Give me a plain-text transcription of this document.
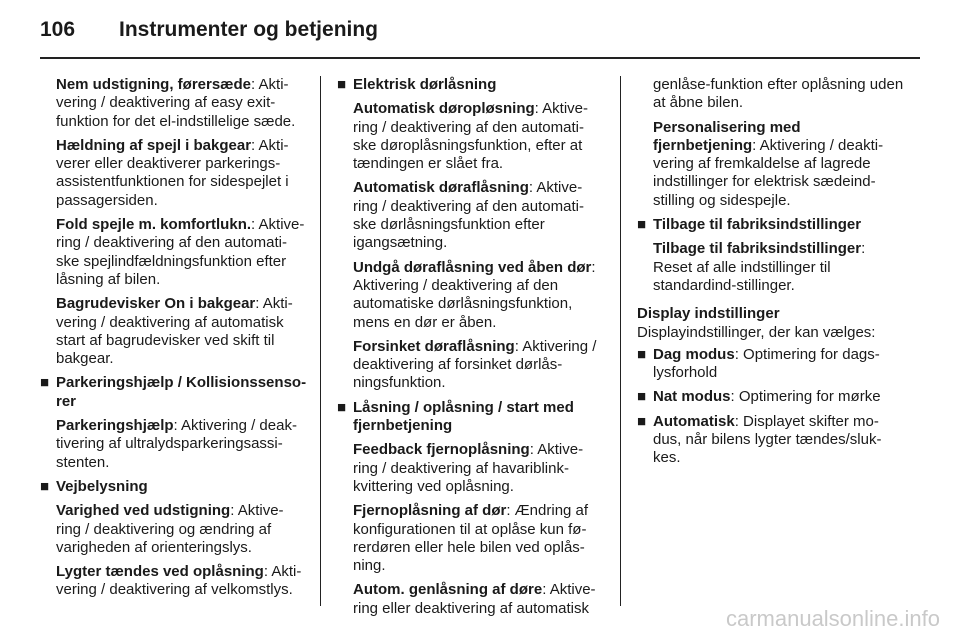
106 Instrumenter og betjening

Nem udstigning, førersæde: Akti-vering / deaktivering af easy exit-funktion for det el-indstillelige sæde.

Hældning af spejl i bakgear: Akti-verer eller deaktiverer parkerings-assistentfunktionen for sidespejlet i passagersiden.

Fold spejle m. komfortlukn.: Aktive-ring / deaktivering af den automati-ske spejlindfældningsfunktion efter låsning af bilen.

Bagrudevisker On i bakgear: Akti-vering / deaktivering af automatisk start af bagrudevisker ved skift til bakgear.

■ Parkeringshjælp / Kollisionssenso-rer

Parkeringshjælp: Aktivering / deak-tivering af ultralydsparkeringsassi-stenten.

■ Vejbelysning

Varighed ved udstigning: Aktive-ring / deaktivering og ændring af varigheden af orienteringslys.

Lygter tændes ved oplåsning: Akti-vering / deaktivering af velkomstlys.

■ Elektrisk dørlåsning

Automatisk døropløsning: Aktive-ring / deaktivering af den automati-ske døroplåsningsfunktion, efter at tændingen er slået fra.

Automatisk døraflåsning: Aktive-ring / deaktivering af den automati-ske dørlåsningsfunktion efter igangsætning.

Undgå døraflåsning ved åben dør: Aktivering / deaktivering af den automatiske dørlåsningsfunktion, mens en dør er åben.

Forsinket døraflåsning: Aktivering / deaktivering af forsinket dørlås-ningsfunktion.

■ Låsning / oplåsning / start med fjernbetjening

Feedback fjernoplåsning: Aktive-ring / deaktivering af havariblink-kvittering ved oplåsning.

Fjernoplåsning af dør: Ændring af konfigurationen til at oplåse kun fø-rerdøren eller hele bilen ved oplås-ning.

Autom. genlåsning af døre: Aktive-ring eller deaktivering af automatisk

genlåse-funktion efter oplåsning uden at åbne bilen.

Personalisering med fjernbetjening: Aktivering / deakti-vering af fremkaldelse af lagrede indstillinger for elektrisk sædeind-stilling og sidespejle.

■ Tilbage til fabriksindstillinger

Tilbage til fabriksindstillinger: Reset af alle indstillinger til standardind-stillinger.

Display indstillinger

Displayindstillinger, der kan vælges:

■ Dag modus: Optimering for dags-lysforhold

■ Nat modus: Optimering for mørke

■ Automatisk: Displayet skifter mo-dus, når bilens lygter tændes/sluk-kes.

carmanualsonline.info
